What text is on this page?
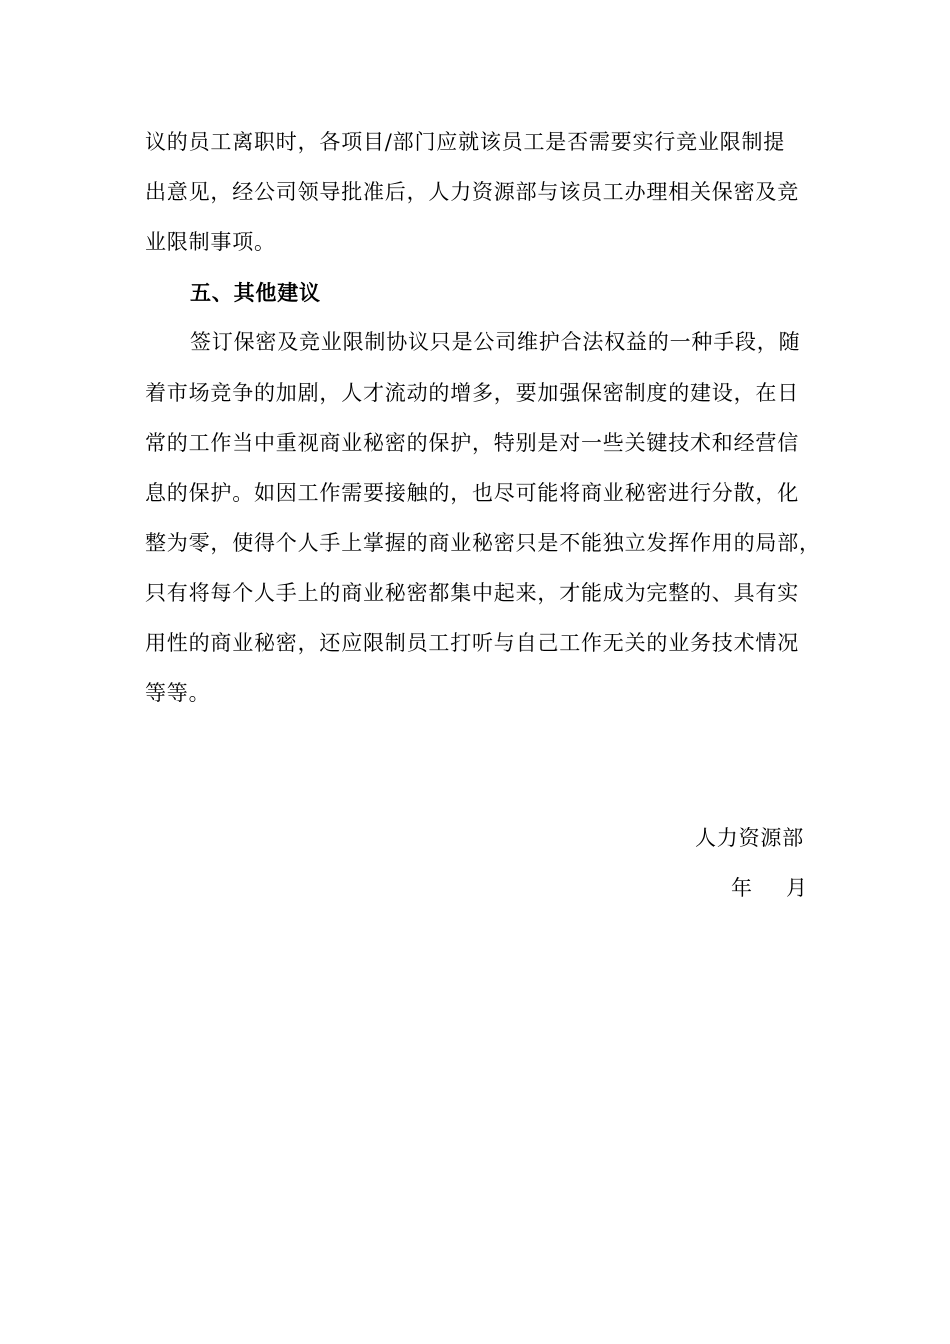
议的员工离职时，各项目/部门应就该员工是否需要实行竞业限制提
出意见，经公司领导批准后，人力资源部与该员工办理相关保密及竞
业限制事项。
五、其他建议
签订保密及竞业限制协议只是公司维护合法权益的一种手段，随
着市场竞争的加剧，人才流动的增多，要加强保密制度的建设，在日
常的工作当中重视商业秘密的保护，特别是对一些关键技术和经营信
息的保护。如因工作需要接触的，也尽可能将商业秘密进行分散，化
整为零，使得个人手上掌握的商业秘密只是不能独立发挥作用的局部，
只有将每个人手上的商业秘密都集中起来，才能成为完整的、具有实
用性的商业秘密，还应限制员工打听与自己工作无关的业务技术情况
等等。
人力资源部
年 月
